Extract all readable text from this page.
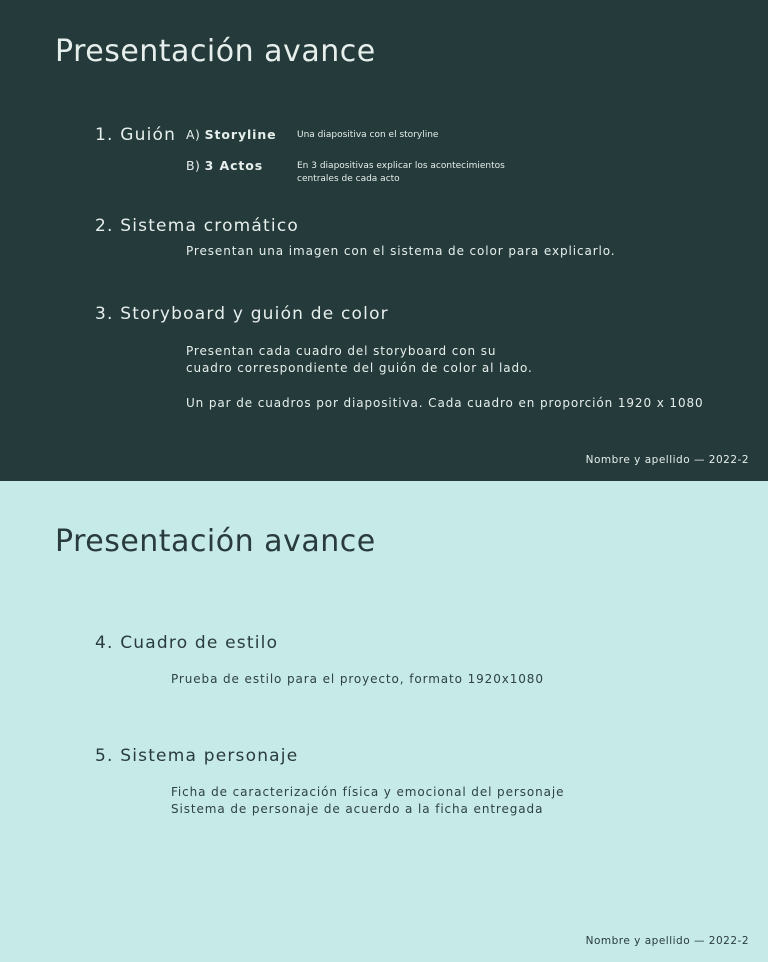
Presentación avance
1. Guión A) Storyline Una diapositiva con el storyline
B) 3 Actos	En 3 diapositivas explicar los acontecimientos
centrales de cada acto
2. Sistema cromático

Presentan una imagen con el sistema de color para explicarlo.

3. Storyboard y guión de color

Presentan cada cuadro del storyboard con su
cuadro correspondiente del guión de color al lado.

Un par de cuadros por diapositiva. Cada cuadro en proporción 1920 x 1080

Nombre y apellido — 2022-2
Presentación avance
4. Cuadro de estilo

Prueba de estilo para el proyecto, formato 1920x1080

5. Sistema personaje

Ficha de caracterización física y emocional del personaje
Sistema de personaje de acuerdo a la ficha entregada

Nombre y apellido — 2022-2
